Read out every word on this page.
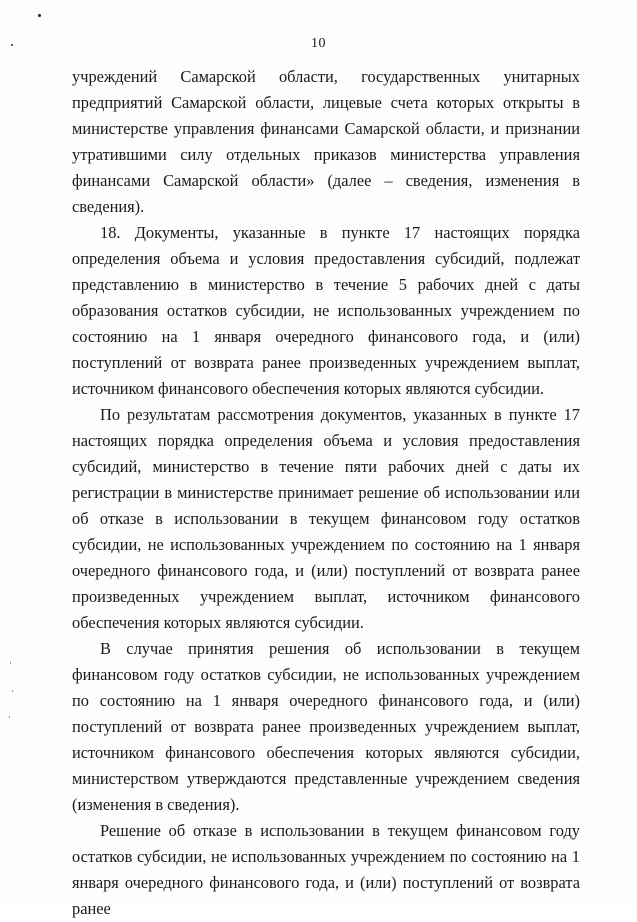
10

учреждений Самарской области, государственных унитарных предприятий Самарской области, лицевые счета которых открыты в министерстве управления финансами Самарской области, и признании утратившими силу отдельных приказов министерства управления финансами Самарской области» (далее – сведения, изменения в сведения).

18. Документы, указанные в пункте 17 настоящих порядка определения объема и условия предоставления субсидий, подлежат представлению в министерство в течение 5 рабочих дней с даты образования остатков субсидии, не использованных учреждением по состоянию на 1 января очередного финансового года, и (или) поступлений от возврата ранее произведенных учреждением выплат, источником финансового обеспечения которых являются субсидии.

По результатам рассмотрения документов, указанных в пункте 17 настоящих порядка определения объема и условия предоставления субсидий, министерство в течение пяти рабочих дней с даты их регистрации в министерстве принимает решение об использовании или об отказе в использовании в текущем финансовом году остатков субсидии, не использованных учреждением по состоянию на 1 января очередного финансового года, и (или) поступлений от возврата ранее произведенных учреждением выплат, источником финансового обеспечения которых являются субсидии.

В случае принятия решения об использовании в текущем финансовом году остатков субсидии, не использованных учреждением по состоянию на 1 января очередного финансового года, и (или) поступлений от возврата ранее произведенных учреждением выплат, источником финансового обеспечения которых являются субсидии, министерством утверждаются представленные учреждением сведения (изменения в сведения).

Решение об отказе в использовании в текущем финансовом году остатков субсидии, не использованных учреждением по состоянию на 1 января очередного финансового года, и (или) поступлений от возврата ранее
